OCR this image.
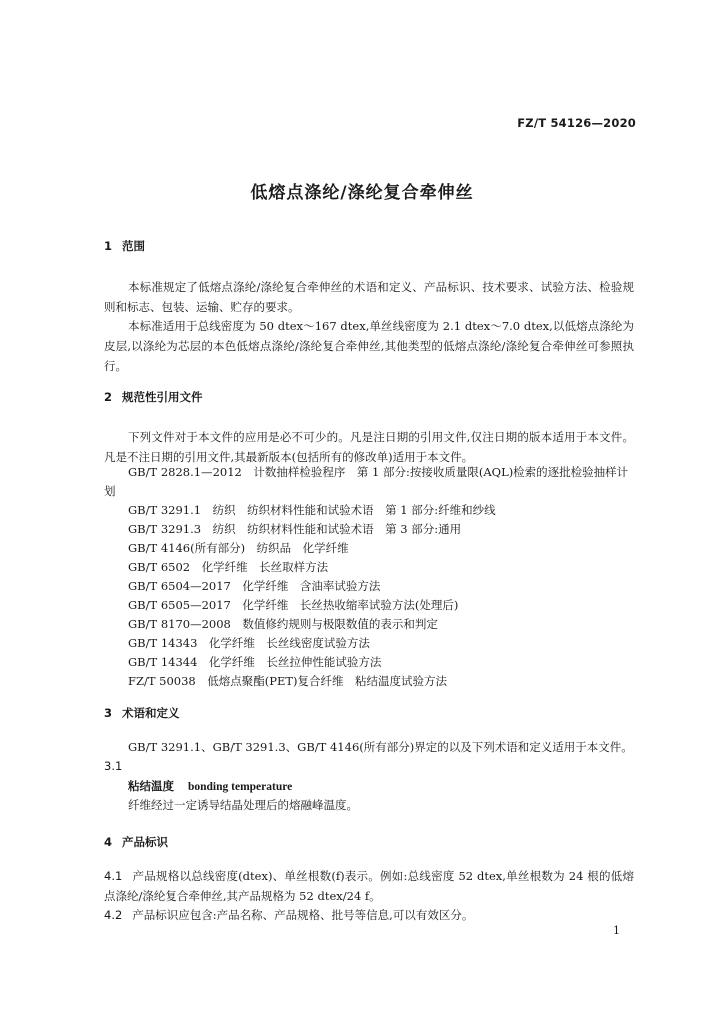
FZ/T 54126—2020
低熔点涤纶/涤纶复合牵伸丝
1 范围

本标准规定了低熔点涤纶/涤纶复合牵伸丝的术语和定义、产品标识、技术要求、试验方法、检验规则和标志、包装、运输、贮存的要求。

本标准适用于总线密度为 50 dtex～167 dtex,单丝线密度为 2.1 dtex～7.0 dtex,以低熔点涤纶为皮层,以涤纶为芯层的本色低熔点涤纶/涤纶复合牵伸丝,其他类型的低熔点涤纶/涤纶复合牵伸丝可参照执行。

2 规范性引用文件

下列文件对于本文件的应用是必不可少的。凡是注日期的引用文件,仅注日期的版本适用于本文件。凡是不注日期的引用文件,其最新版本(包括所有的修改单)适用于本文件。

GB/T 2828.1—2012　计数抽样检验程序　第 1 部分:按接收质量限(AQL)检索的逐批检验抽样计划
GB/T 3291.1　纺织　纺织材料性能和试验术语　第 1 部分:纤维和纱线
GB/T 3291.3　纺织　纺织材料性能和试验术语　第 3 部分:通用
GB/T 4146(所有部分)　纺织品　化学纤维
GB/T 6502　化学纤维　长丝取样方法
GB/T 6504—2017　化学纤维　含油率试验方法
GB/T 6505—2017　化学纤维　长丝热收缩率试验方法(处理后)
GB/T 8170—2008　数值修约规则与极限数值的表示和判定
GB/T 14343　化学纤维　长丝线密度试验方法
GB/T 14344　化学纤维　长丝拉伸性能试验方法
FZ/T 50038　低熔点聚酯(PET)复合纤维　粘结温度试验方法
3 术语和定义

GB/T 3291.1、GB/T 3291.3、GB/T 4146(所有部分)界定的以及下列术语和定义适用于本文件。

3.1
粘结温度 bonding temperature
纤维经过一定诱导结晶处理后的熔融峰温度。
4 产品标识

4.1 产品规格以总线密度(dtex)、单丝根数(f)表示。例如:总线密度 52 dtex,单丝根数为 24 根的低熔点涤纶/涤纶复合牵伸丝,其产品规格为 52 dtex/24 f。

4.2 产品标识应包含:产品名称、产品规格、批号等信息,可以有效区分。

1
